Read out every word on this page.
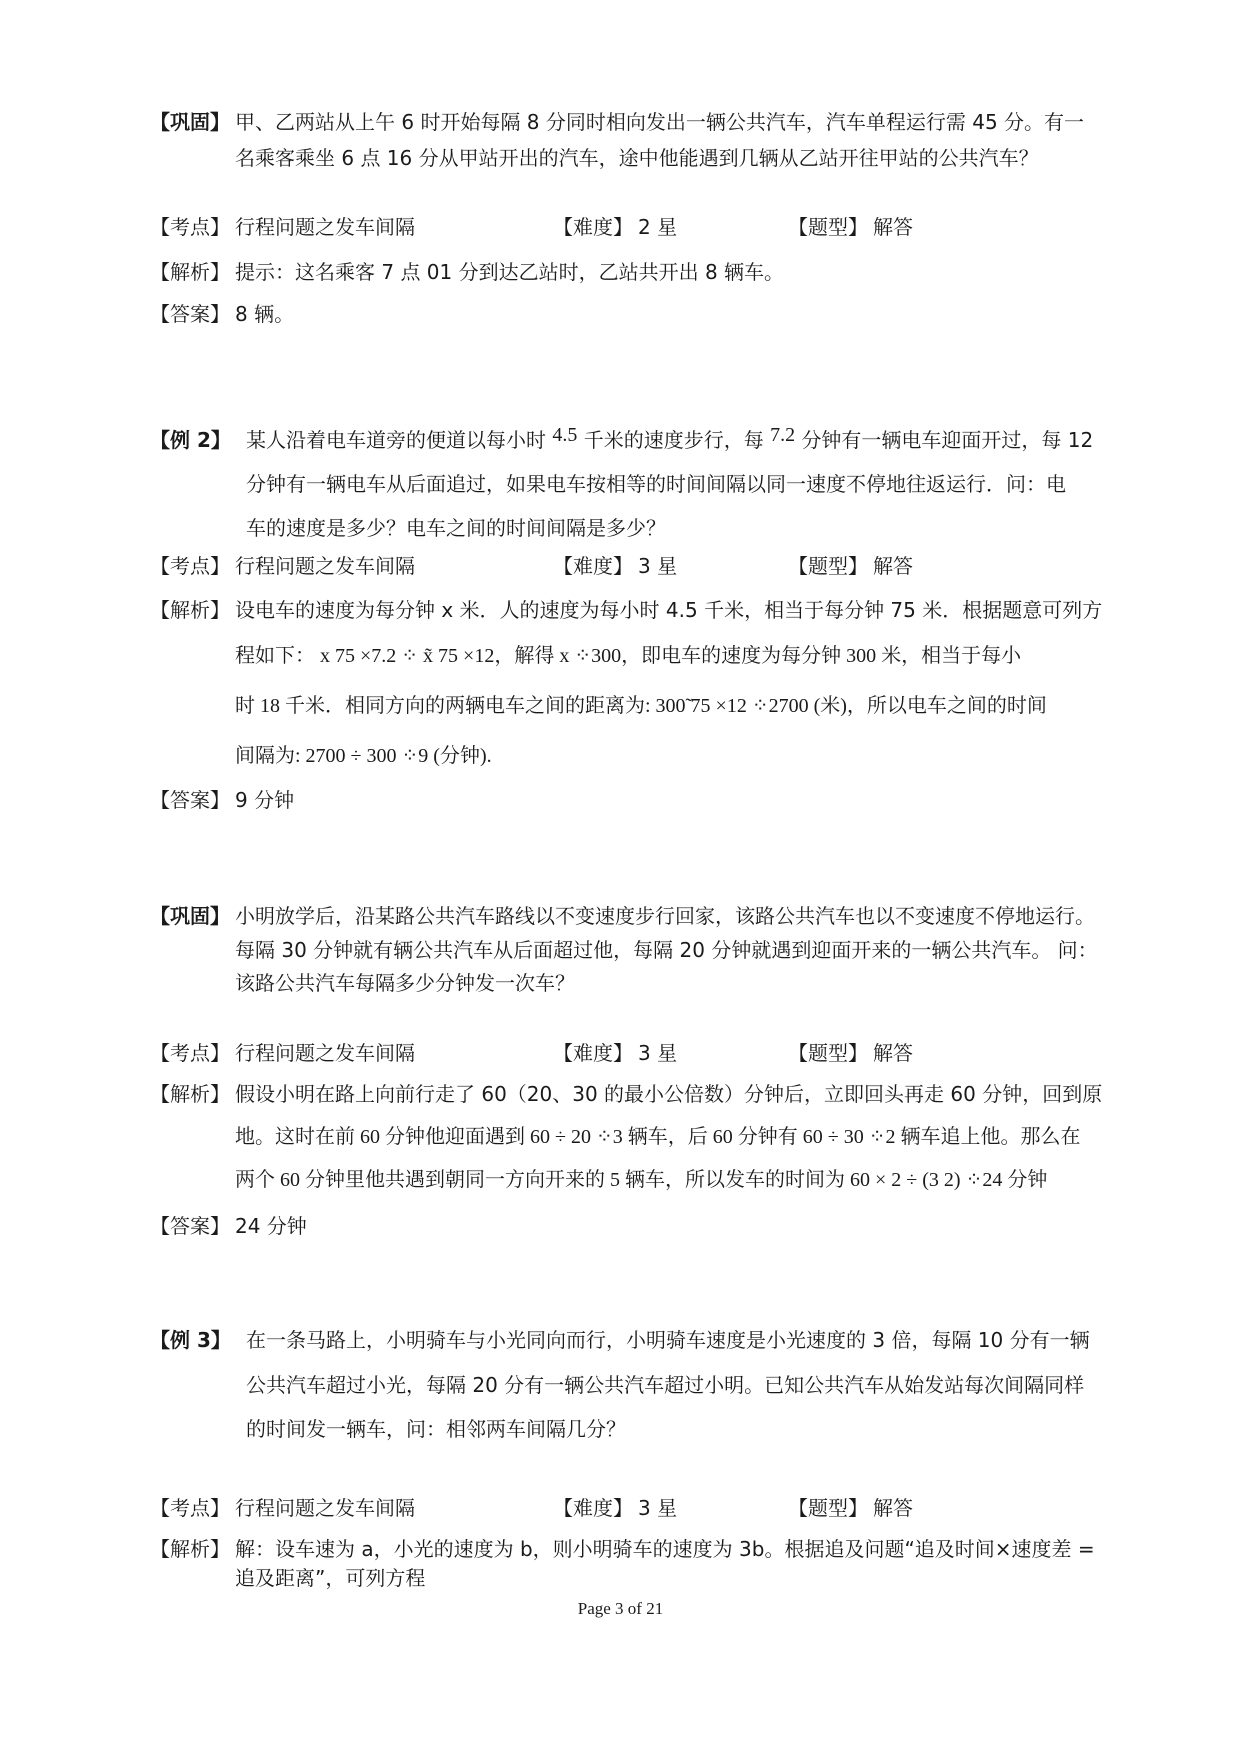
【巩固】 甲、乙两站从上午 6 时开始每隔 8 分同时相向发出一辆公共汽车，汽车单程运行需 45 分。有一
名乘客乘坐 6 点 16 分从甲站开出的汽车，途中他能遇到几辆从乙站开往甲站的公共汽车？
【考点】 行程问题之发车间隔	【难度】 2 星	【题型】 解答
【解析】 提示：这名乘客 7 点 01 分到达乙站时，乙站共开出 8 辆车。
【答案】 8 辆。
【例 2】 某人沿着电车道旁的便道以每小时 4.5 千米的速度步行，每 7.2 分钟有一辆电车迎面开过，每 12
分钟有一辆电车从后面追过，如果电车按相等的时间间隔以同一速度不停地往返运行．问：电
车的速度是多少？电车之间的时间间隔是多少？
【考点】 行程问题之发车间隔	【难度】 3 星	【题型】 解答
【解析】 设电车的速度为每分钟 x 米．人的速度为每小时 4.5 千米，相当于每分钟 75 米．根据题意可列方
程如下： x 75 ×7.2 ⁘ x̃ 75 ×12，解得 x ⁘300，即电车的速度为每分钟 300 米，相当于每小
时 18 千米．相同方向的两辆电车之间的距离为: 300̃ 75 ×12 ⁘2700 (米)，所以电车之间的时间
间隔为: 2700 ÷ 300 ⁘9 (分钟).
【答案】 9 分钟
【巩固】 小明放学后，沿某路公共汽车路线以不变速度步行回家，该路公共汽车也以不变速度不停地运行。
每隔 30 分钟就有辆公共汽车从后面超过他，每隔 20 分钟就遇到迎面开来的一辆公共汽车。 问：
该路公共汽车每隔多少分钟发一次车？
【考点】 行程问题之发车间隔	【难度】 3 星	【题型】 解答
【解析】 假设小明在路上向前行走了 60（20、30 的最小公倍数）分钟后，立即回头再走 60 分钟，回到原
地。这时在前 60 分钟他迎面遇到 60 ÷ 20 ⁘3 辆车，后 60 分钟有 60 ÷ 30 ⁘2 辆车追上他。那么在
两个 60 分钟里他共遇到朝同一方向开来的 5 辆车，所以发车的时间为 60 × 2 ÷ (3 2) ⁘24 分钟
【答案】 24 分钟
【例 3】 在一条马路上，小明骑车与小光同向而行，小明骑车速度是小光速度的 3 倍，每隔 10 分有一辆
公共汽车超过小光，每隔 20 分有一辆公共汽车超过小明。已知公共汽车从始发站每次间隔同样
的时间发一辆车，问：相邻两车间隔几分？
【考点】 行程问题之发车间隔	【难度】 3 星	【题型】 解答
【解析】 解：设车速为 a，小光的速度为 b，则小明骑车的速度为 3b。根据追及问题“追及时间×速度差 =
追及距离”，可列方程
Page 3 of 21
